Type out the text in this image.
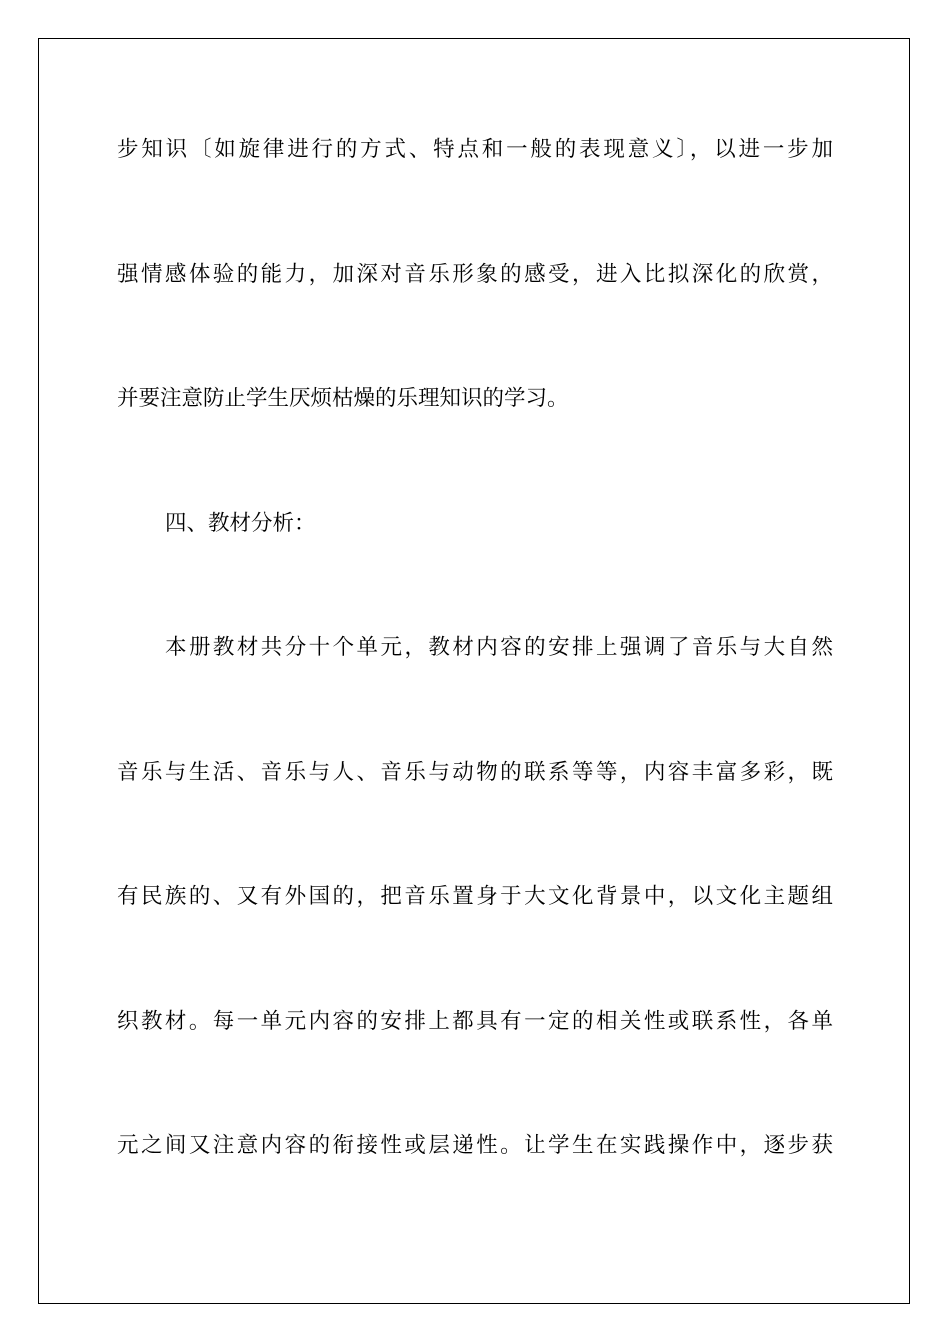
步知识〔如旋律进行的方式、特点和一般的表现意义〕，以进一步加

强情感体验的能力，加深对音乐形象的感受，进入比拟深化的欣赏，

并要注意防止学生厌烦枯燥的乐理知识的学习。

四、教材分析：

本册教材共分十个单元，教材内容的安排上强调了音乐与大自然

音乐与生活、音乐与人、音乐与动物的联系等等，内容丰富多彩，既

有民族的、又有外国的，把音乐置身于大文化背景中，以文化主题组

织教材。每一单元内容的安排上都具有一定的相关性或联系性，各单

元之间又注意内容的衔接性或层递性。让学生在实践操作中，逐步获
